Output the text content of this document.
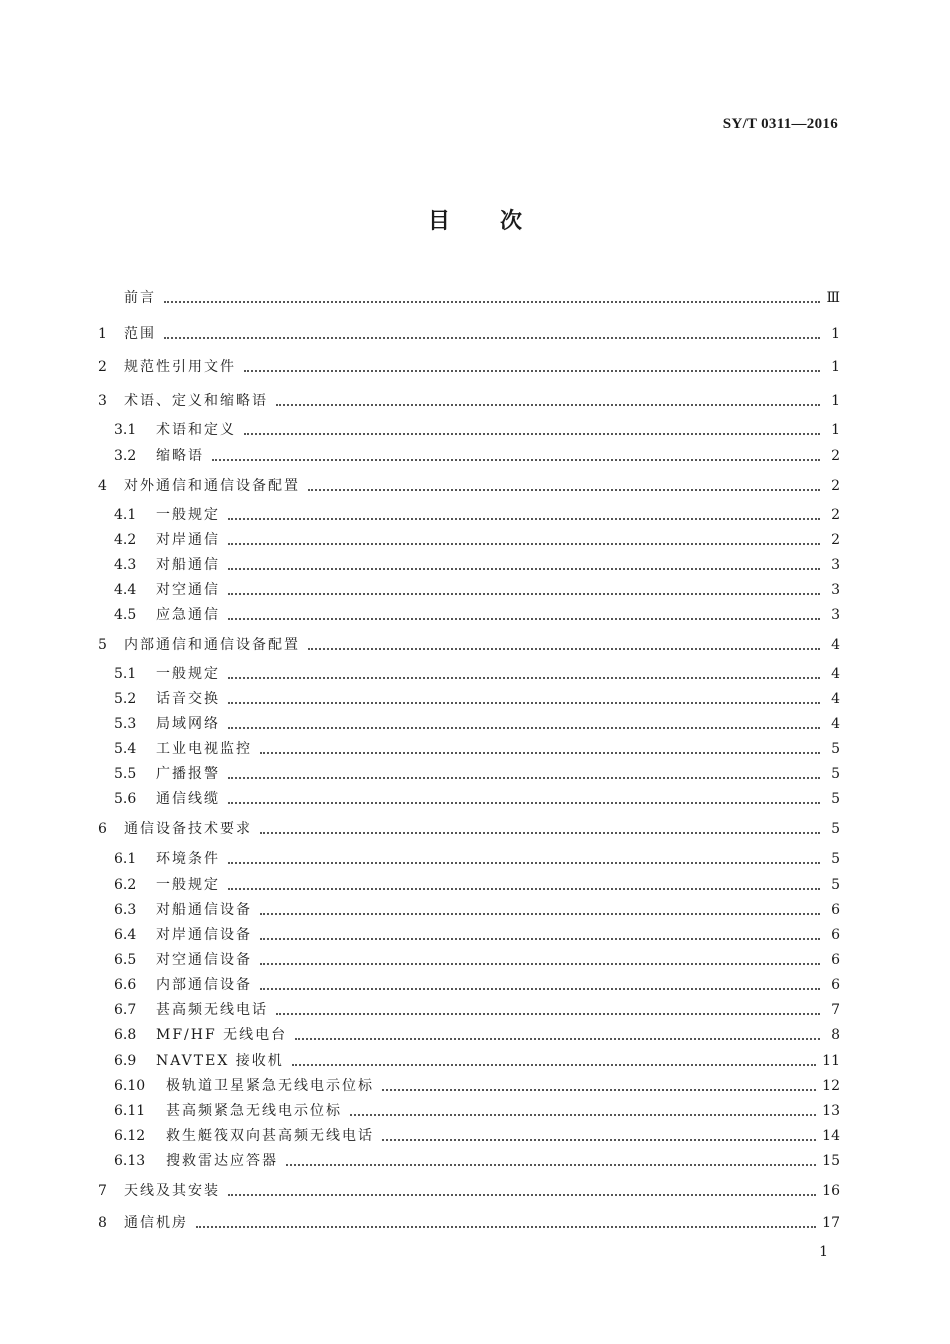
SY/T 0311—2016
目 次
前言	Ⅲ
1	范围	1
2	规范性引用文件	1
3	术语、定义和缩略语	1
3.1	术语和定义	1
3.2	缩略语	2
4	对外通信和通信设备配置	2
4.1	一般规定	2
4.2	对岸通信	2
4.3	对船通信	3
4.4	对空通信	3
4.5	应急通信	3
5	内部通信和通信设备配置	4
5.1	一般规定	4
5.2	话音交换	4
5.3	局域网络	4
5.4	工业电视监控	5
5.5	广播报警	5
5.6	通信线缆	5
6	通信设备技术要求	5
6.1	环境条件	5
6.2	一般规定	5
6.3	对船通信设备	6
6.4	对岸通信设备	6
6.5	对空通信设备	6
6.6	内部通信设备	6
6.7	甚高频无线电话	7
6.8	MF/HF 无线电台	8
6.9	NAVTEX 接收机	11
6.10	极轨道卫星紧急无线电示位标	12
6.11	甚高频紧急无线电示位标	13
6.12	救生艇筏双向甚高频无线电话	14
6.13	搜救雷达应答器	15
7	天线及其安装	16
8	通信机房	17
1
